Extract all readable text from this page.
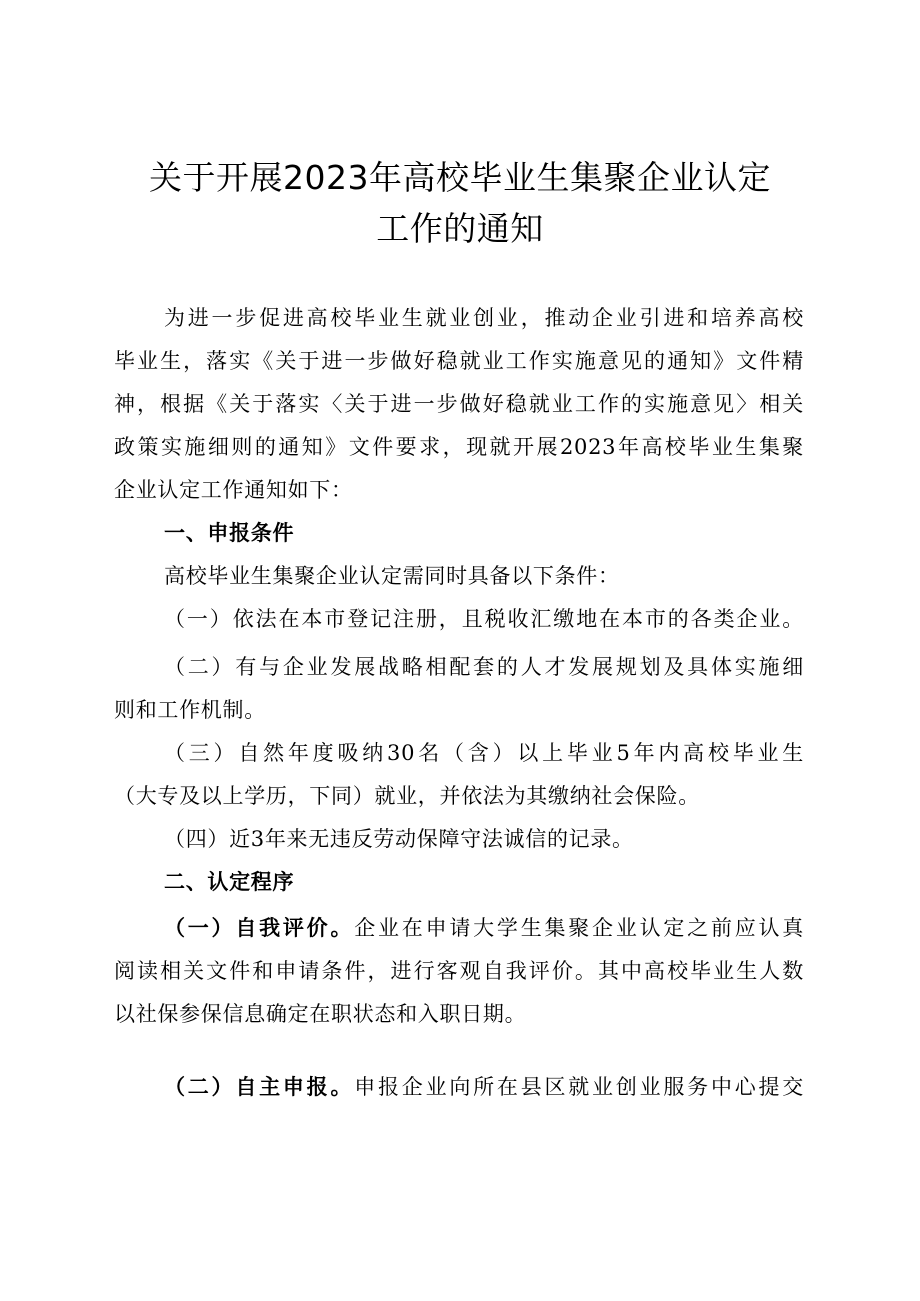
关于开展2023年高校毕业生集聚企业认定
工作的通知
为进一步促进高校毕业生就业创业，推动企业引进和培养高校
毕业生，落实《关于进一步做好稳就业工作实施意见的通知》文件精
神，根据《关于落实〈关于进一步做好稳就业工作的实施意见〉相关
政策实施细则的通知》文件要求，现就开展2023年高校毕业生集聚
企业认定工作通知如下：
一、申报条件
高校毕业生集聚企业认定需同时具备以下条件：
（一）依法在本市登记注册，且税收汇缴地在本市的各类企业。
（二）有与企业发展战略相配套的人才发展规划及具体实施细
则和工作机制。
（三）自然年度吸纳30名（含）以上毕业5年内高校毕业生
（大专及以上学历，下同）就业，并依法为其缴纳社会保险。
（四）近3年来无违反劳动保障守法诚信的记录。
二、认定程序
（一）自我评价。企业在申请大学生集聚企业认定之前应认真
阅读相关文件和申请条件，进行客观自我评价。其中高校毕业生人数
以社保参保信息确定在职状态和入职日期。
（二）自主申报。申报企业向所在县区就业创业服务中心提交
